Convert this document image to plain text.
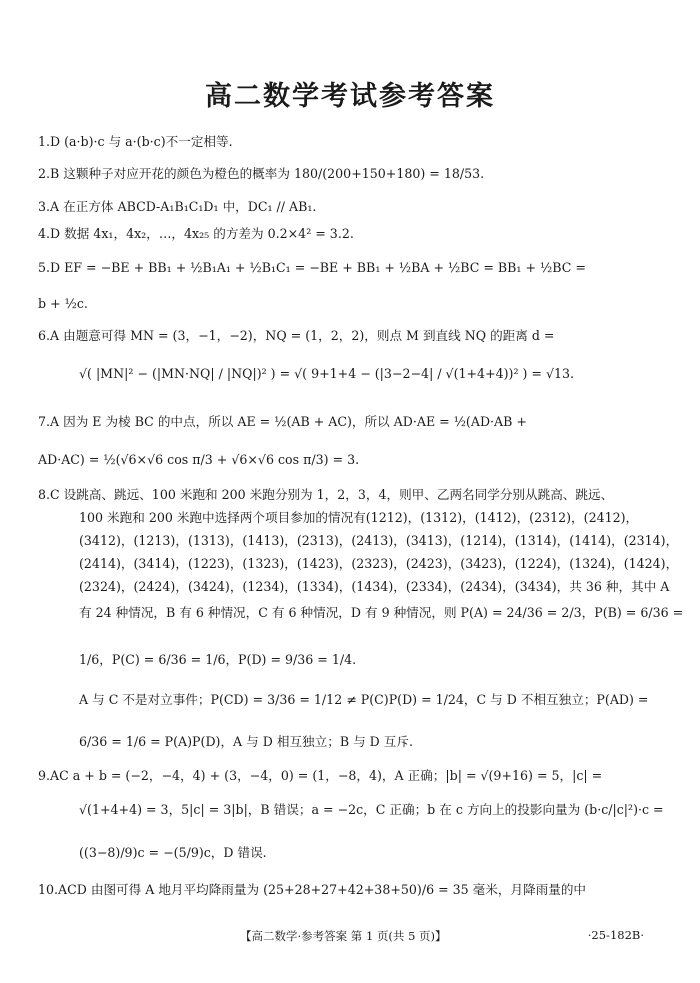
高二数学考试参考答案
1.D (a·b)·c 与 a·(b·c)不一定相等.
2.B 这颗种子对应开花的颜色为橙色的概率为 180/(200+150+180) = 18/53.
3.A 在正方体 ABCD-A₁B₁C₁D₁ 中，DC₁ // AB₁.
4.D 数据 4x₁，4x₂，…，4x₂₅ 的方差为 0.2×4² = 3.2.
5.D EF = −BE + BB₁ + ½B₁A₁ + ½B₁C₁ = −BE + BB₁ + ½BA + ½BC = BB₁ + ½BC =
b + ½c.
6.A 由题意可得 MN = (3，−1，−2)，NQ = (1，2，2)，则点 M 到直线 NQ 的距离 d =
√( |MN|² − (|MN·NQ| / |NQ|)² ) = √( 9+1+4 − (|3−2−4| / √(1+4+4))² ) = √13.
7.A 因为 E 为棱 BC 的中点，所以 AE = ½(AB + AC)，所以 AD·AE = ½(AD·AB +
AD·AC) = ½(√6×√6 cos π/3 + √6×√6 cos π/3) = 3.
8.C 设跳高、跳远、100 米跑和 200 米跑分别为 1，2，3，4，则甲、乙两名同学分别从跳高、跳远、
100 米跑和 200 米跑中选择两个项目参加的情况有(1212)，(1312)，(1412)，(2312)，(2412)，
(3412)，(1213)，(1313)，(1413)，(2313)，(2413)，(3413)，(1214)，(1314)，(1414)，(2314)，
(2414)，(3414)，(1223)，(1323)，(1423)，(2323)，(2423)，(3423)，(1224)，(1324)，(1424)，
(2324)，(2424)，(3424)，(1234)，(1334)，(1434)，(2334)，(2434)，(3434)，共 36 种，其中 A
有 24 种情况，B 有 6 种情况，C 有 6 种情况，D 有 9 种情况，则 P(A) = 24/36 = 2/3，P(B) = 6/36 =
1/6，P(C) = 6/36 = 1/6，P(D) = 9/36 = 1/4.
A 与 C 不是对立事件；P(CD) = 3/36 = 1/12 ≠ P(C)P(D) = 1/24，C 与 D 不相互独立；P(AD) =
6/36 = 1/6 = P(A)P(D)，A 与 D 相互独立；B 与 D 互斥.
9.AC a + b = (−2，−4，4) + (3，−4，0) = (1，−8，4)，A 正确；|b| = √(9+16) = 5，|c| =
√(1+4+4) = 3，5|c| = 3|b|，B 错误；a = −2c，C 正确；b 在 c 方向上的投影向量为 (b·c/|c|²)·c =
((3−8)/9)c = −(5/9)c，D 错误.
10.ACD 由图可得 A 地月平均降雨量为 (25+28+27+42+38+50)/6 = 35 毫米，月降雨量的中
【高二数学·参考答案 第 1 页(共 5 页)】	·25-182B·
